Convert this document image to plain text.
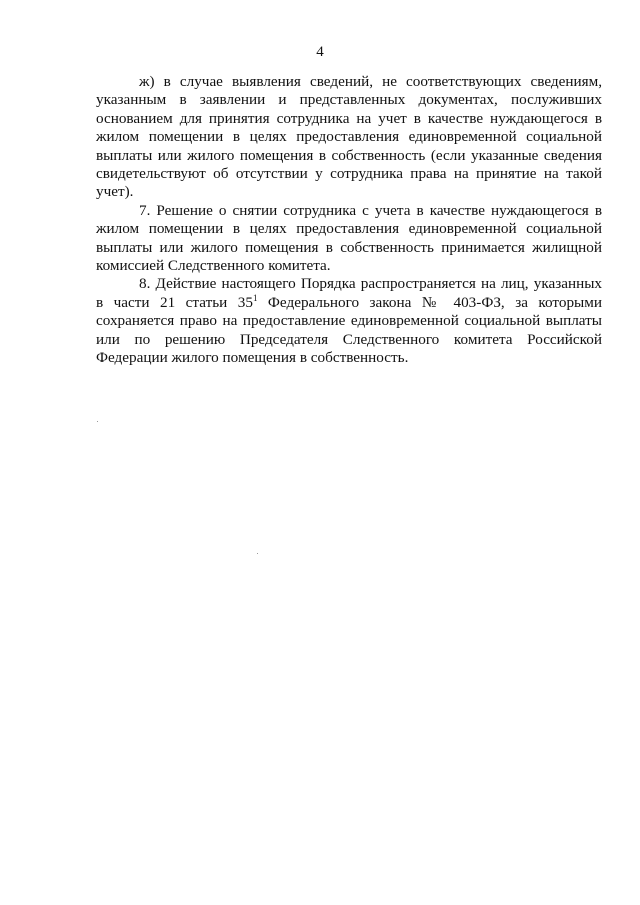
4

ж) в случае выявления сведений, не соответствующих сведениям, указанным в заявлении и представленных документах, послуживших основанием для принятия сотрудника на учет в качестве нуждающегося в жилом помещении в целях предоставления единовременной социальной выплаты или жилого помещения в собственность (если указанные сведения свидетельствуют об отсутствии у сотрудника права на принятие на такой учет).

7. Решение о снятии сотрудника с учета в качестве нуждающегося в жилом помещении в целях предоставления единовременной социальной выплаты или жилого помещения в собственность принимается жилищной комиссией Следственного комитета.

8. Действие настоящего Порядка распространяется на лиц, указанных в части 21 статьи $35^1$ Федерального закона № 403-ФЗ, за которыми сохраняется право на предоставление единовременной социальной выплаты или по решению Председателя Следственного комитета Российской Федерации жилого помещения в собственность.
